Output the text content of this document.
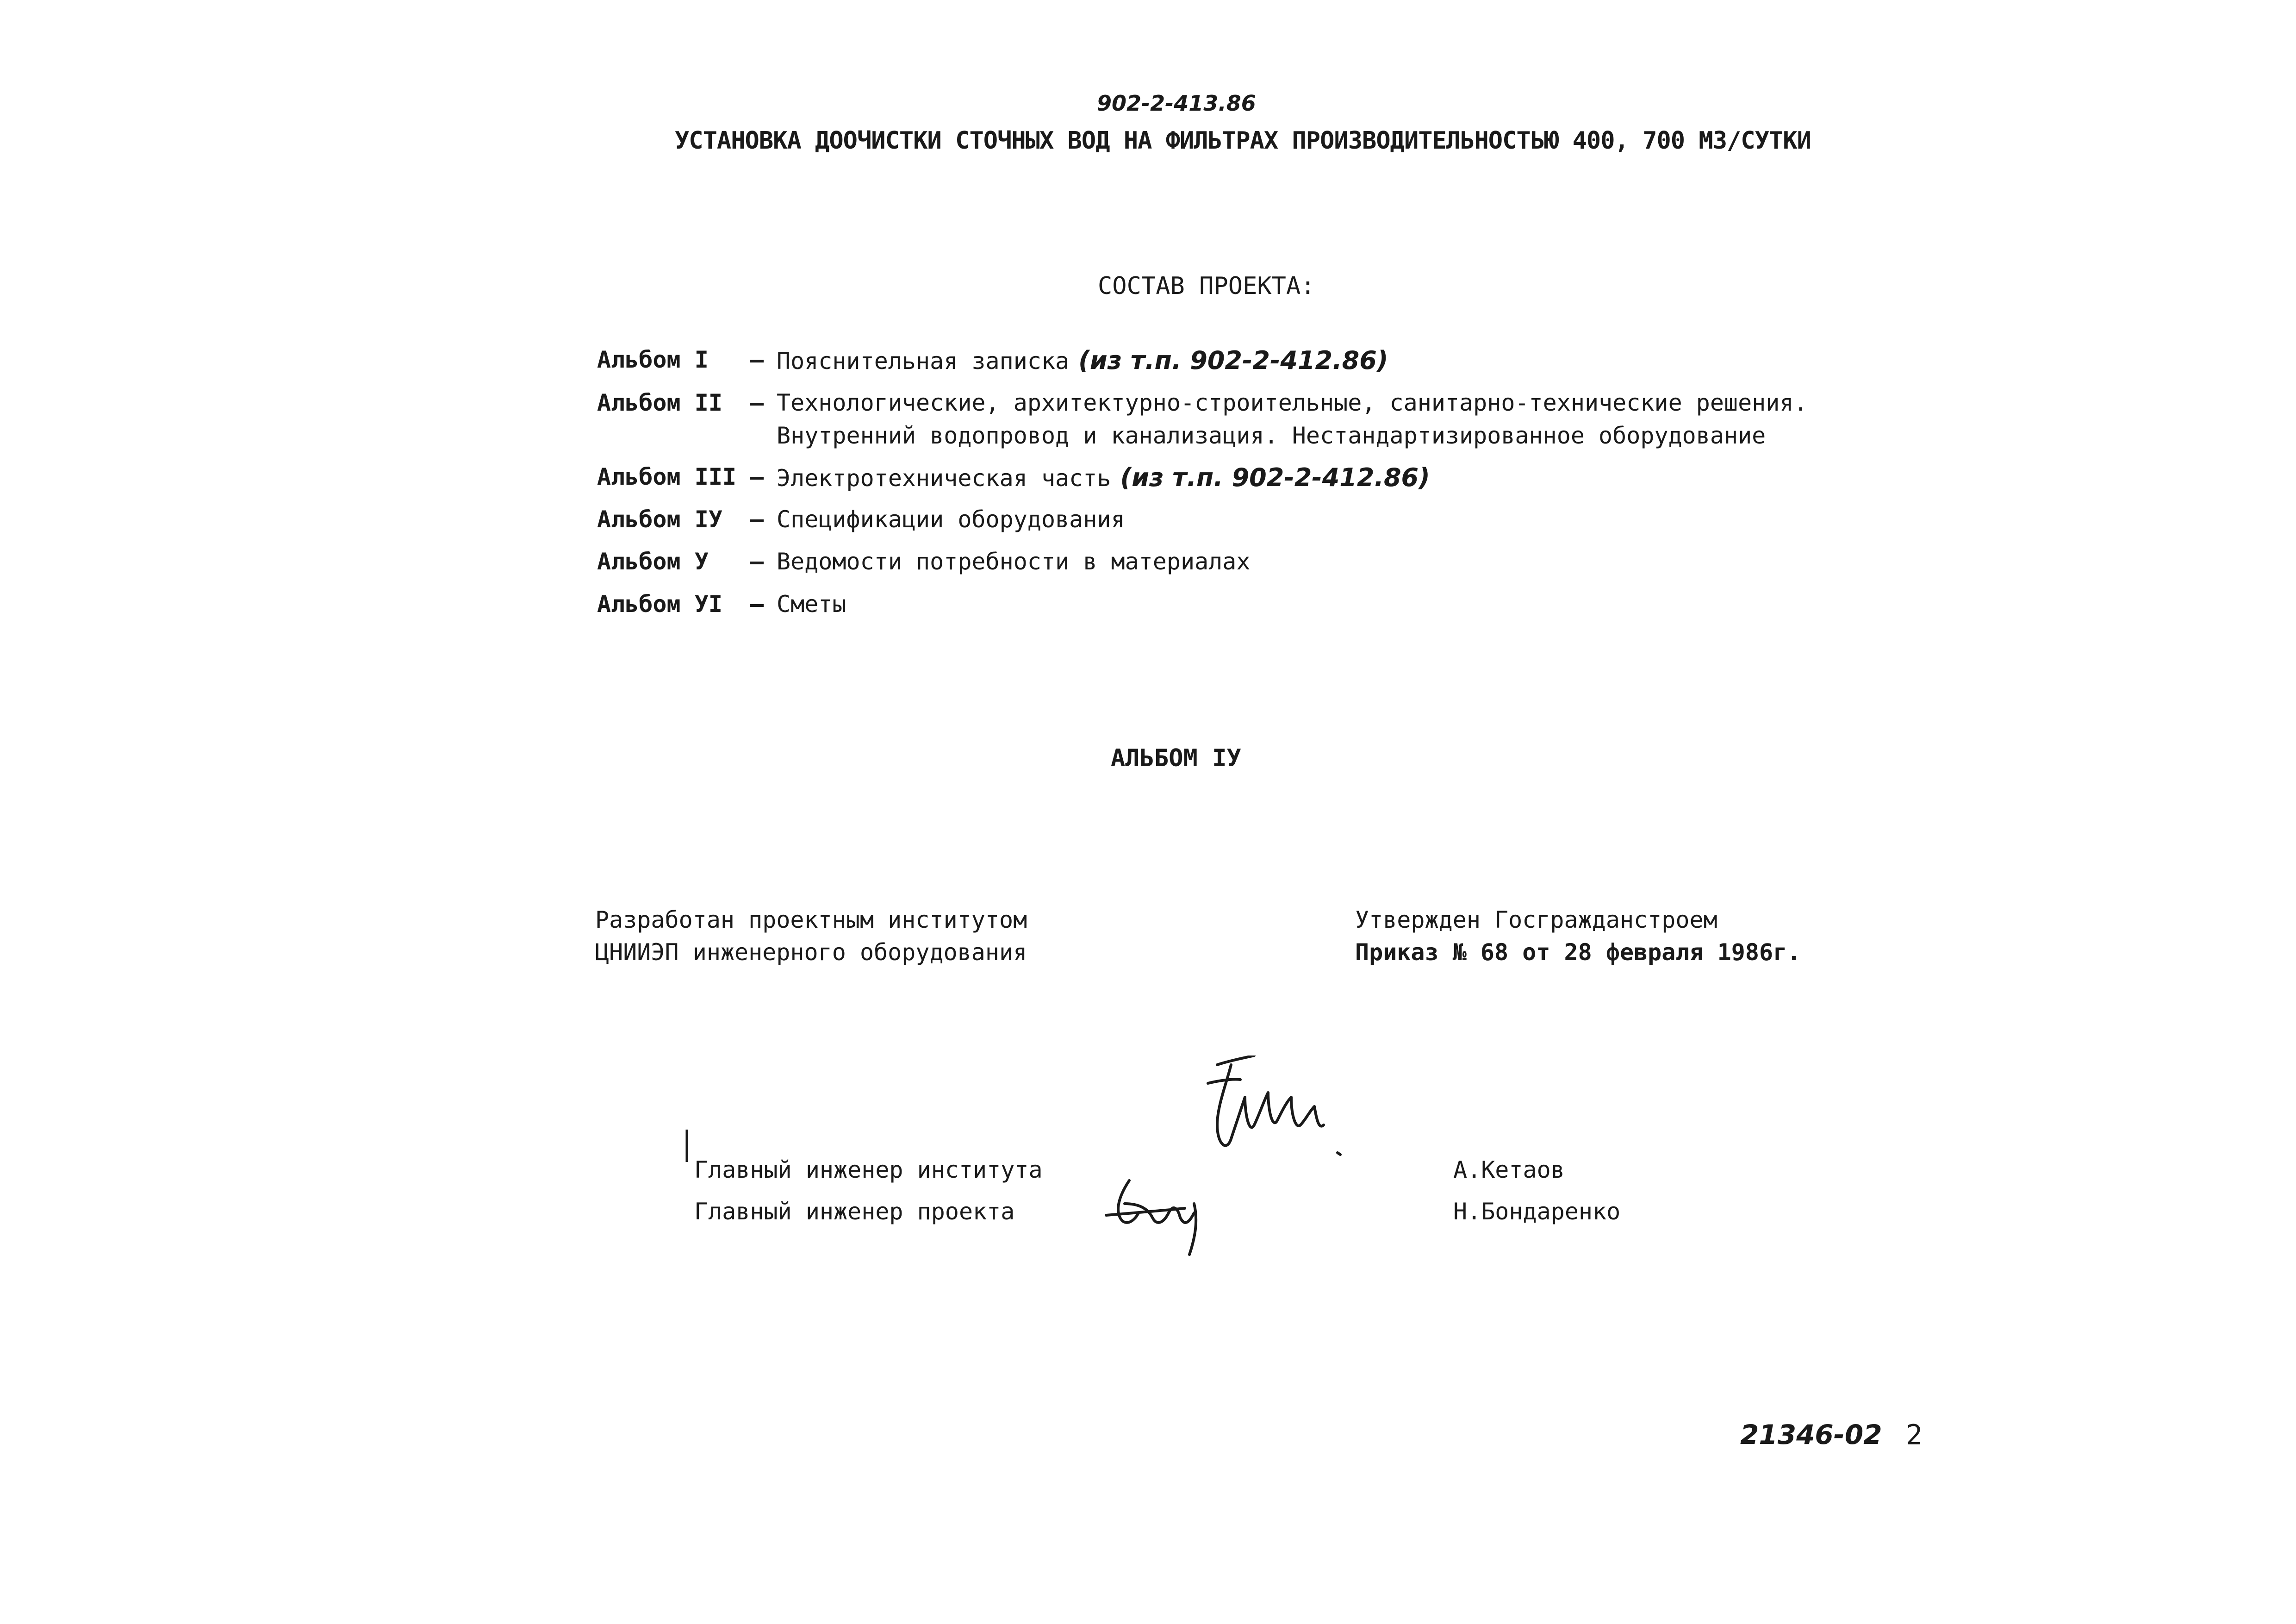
902-2-413.86
УСТАНОВКА ДООЧИСТКИ СТОЧНЫХ ВОД НА ФИЛЬТРАХ ПРОИЗВОДИТЕЛЬНОСТЬЮ 400, 700 М3/СУТКИ
СОСТАВ ПРОЕКТА:
Альбом I – Пояснительная записка (из т.п. 902-2-412.86)
Альбом II – Технологические, архитектурно-строительные, санитарно-технические решения.
Внутренний водопровод и канализация. Нестандартизированное оборудование
Альбом III – Электротехническая часть (из т.п. 902-2-412.86)
Альбом IУ – Спецификации оборудования
Альбом У – Ведомости потребности в материалах
Альбом УI – Сметы
АЛЬБОМ IУ
Разработан проектным институтом
ЦНИИЭП инженерного оборудования
Утвержден Госгражданстроем
Приказ № 68 от 28 февраля 1986г.
Главный инженер института
Главный инженер проекта
А.Кетаов
Н.Бондаренко
21346-02 2
